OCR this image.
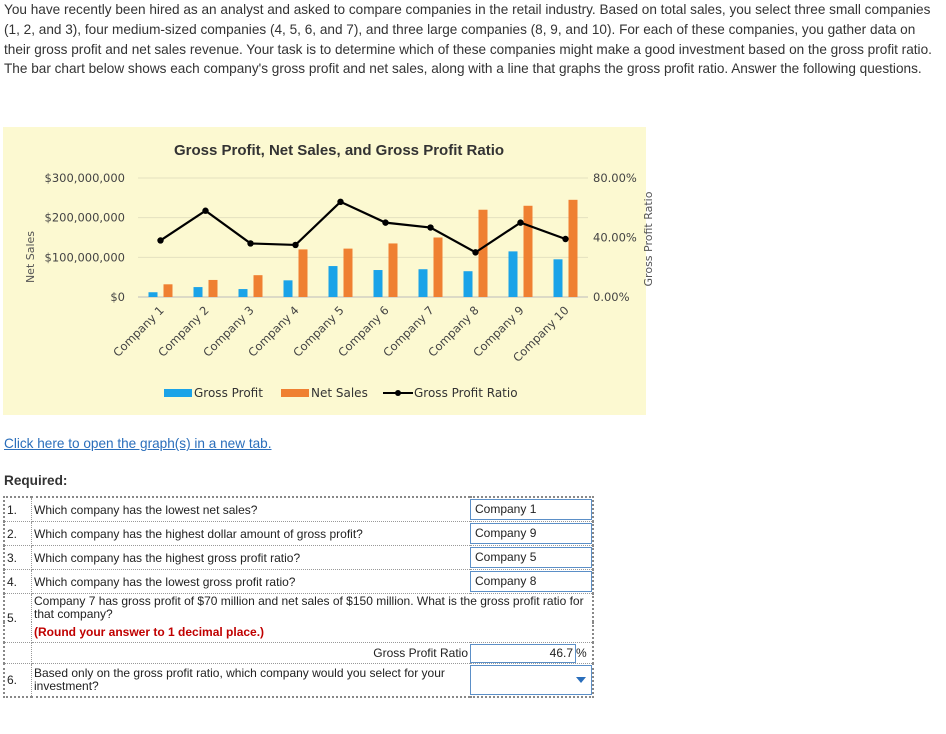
You have recently been hired as an analyst and asked to compare companies in the retail industry. Based on total sales, you select three small companies (1, 2, and 3), four medium-sized companies (4, 5, 6, and 7), and three large companies (8, 9, and 10). For each of these companies, you gather data on their gross profit and net sales revenue. Your task is to determine which of these companies might make a good investment based on the gross profit ratio. The bar chart below shows each company's gross profit and net sales, along with a line that graphs the gross profit ratio. Answer the following questions.

Gross Profit, Net Sales, and Gross Profit Ratio
Net Sales	Gross Profit Ratio
$300,000,000
$200,000,000
$100,000,000
$0
80.00%
40.00%
0.00%
Company 1
Company 2
Company 3
Company 4
Company 5
Company 6
Company 7
Company 8
Company 9
Company 10
Gross Profit	Net Sales	Gross Profit Ratio
Click here to open the graph(s) in a new tab.
Required:
1.	Which company has the lowest net sales?	Company 1

2.	Which company has the highest dollar amount of gross profit?	Company 9

3.	Which company has the highest gross profit ratio?	Company 5

4.	Which company has the lowest gross profit ratio?	Company 8

5.	Company 7 has gross profit of $70 million and net sales of $150 million. What is the gross profit ratio for that company?	
	(Round your answer to 1 decimal place.)	
	Gross Profit Ratio	46.7 %
6.	Based only on the gross profit ratio, which company would you select for your investment?	
